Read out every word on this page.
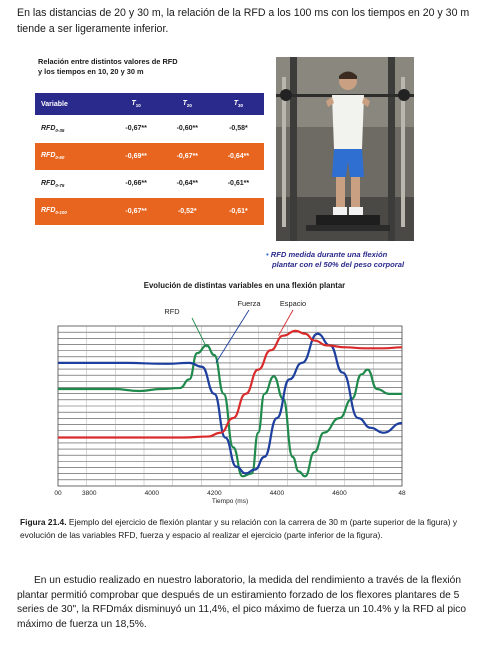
En las distancias de 20 y 30 m, la relación de la RFD a los 100 ms con los tiempos en 20 y 30 m tiende a ser ligeramente inferior.

Relación entre distintos valores de RFD
y los tiempos en 10, 20 y 30 m
Variable	$T_{10}$	$T_{20}$	$T_{30}$
$RFD_{0-35}$	-0,67**	-0,60**	-0,58*
$RFD_{0-50}$	-0,69**	-0,67**	-0,64**
$RFD_{0-75}$	-0,66**	-0,64**	-0,61**
$RFD_{0-100}$	-0,67**	-0,52*	-0,61*
• RFD medida durante una flexión
plantar con el 50% del peso corporal
Evolución de distintas variables en una flexión plantar
00	3800	4000	4200	4400	4600	48
Tiempo (ms)
RFD
Fuerza	Espacio

Figura 21.4. Ejemplo del ejercicio de flexión plantar y su relación con la carrera de 30 m (parte superior de la figura) y evolución de las variables RFD, fuerza y espacio al realizar el ejercicio (parte inferior de la figura).

En un estudio realizado en nuestro laboratorio, la medida del rendimiento a través de la flexión plantar permitió comprobar que después de un estiramiento forzado de los flexores plantares de 5 series de 30", la RFDmáx disminuyó un 11,4%, el pico máximo de fuerza un 10.4% y la RFD al pico máximo de fuerza un 18,5%.
